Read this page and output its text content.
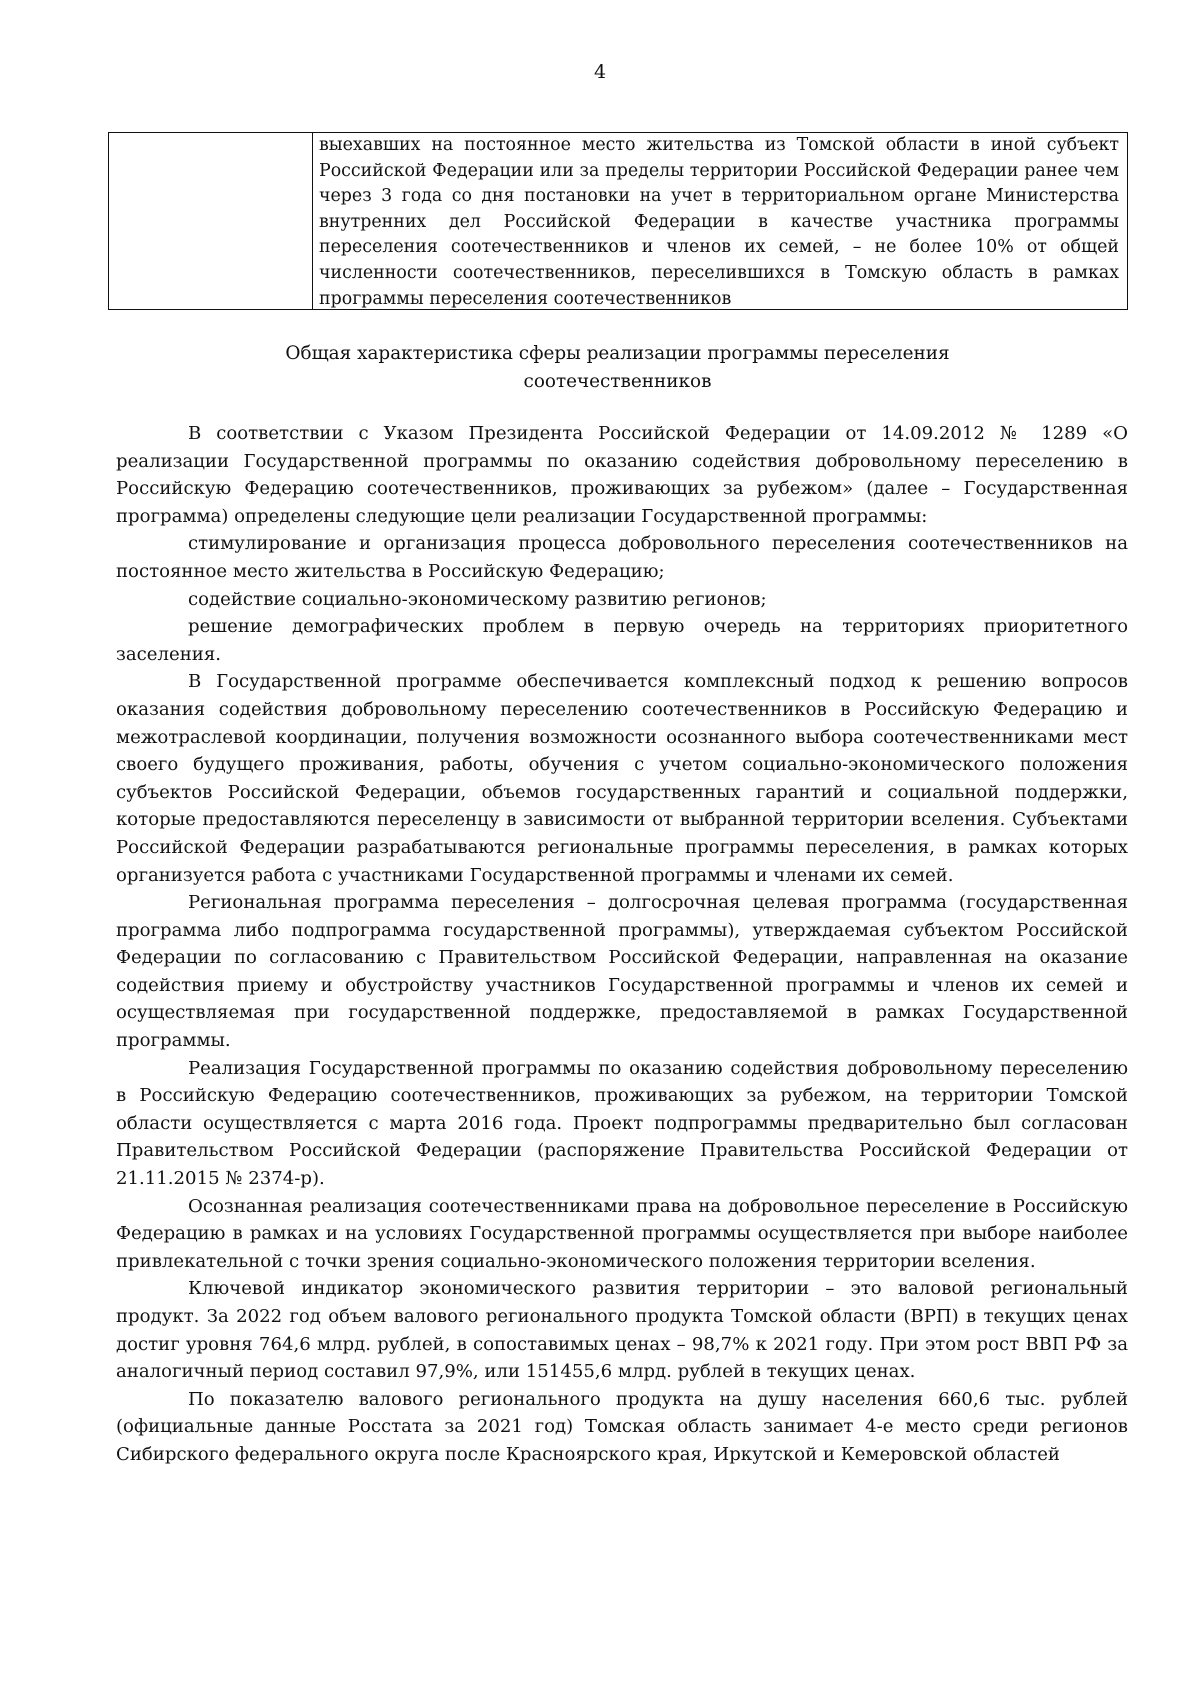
4
выехавших на постоянное место жительства из Томской области в иной субъект Российской Федерации или за пределы территории Российской Федерации ранее чем через 3 года со дня постановки на учет в территориальном органе Министерства внутренних дел Российской Федерации в качестве участника программы переселения соотечественников и членов их семей, – не более 10% от общей численности соотечественников, переселившихся в Томскую область в рамках программы переселения соотечественников
Общая характеристика сферы реализации программы переселения
соотечественников

В соответствии с Указом Президента Российской Федерации от 14.09.2012 № 1289 «О реализации Государственной программы по оказанию содействия добровольному переселению в Российскую Федерацию соотечественников, проживающих за рубежом» (далее – Государственная программа) определены следующие цели реализации Государственной программы:

стимулирование и организация процесса добровольного переселения соотечественников на постоянное место жительства в Российскую Федерацию;

содействие социально-экономическому развитию регионов;

решение демографических проблем в первую очередь на территориях приоритетного заселения.

В Государственной программе обеспечивается комплексный подход к решению вопросов оказания содействия добровольному переселению соотечественников в Российскую Федерацию и межотраслевой координации, получения возможности осознанного выбора соотечественниками мест своего будущего проживания, работы, обучения с учетом социально-экономического положения субъектов Российской Федерации, объемов государственных гарантий и социальной поддержки, которые предоставляются переселенцу в зависимости от выбранной территории вселения. Субъектами Российской Федерации разрабатываются региональные программы переселения, в рамках которых организуется работа с участниками Государственной программы и членами их семей.

Региональная программа переселения – долгосрочная целевая программа (государственная программа либо подпрограмма государственной программы), утверждаемая субъектом Российской Федерации по согласованию с Правительством Российской Федерации, направленная на оказание содействия приему и обустройству участников Государственной программы и членов их семей и осуществляемая при государственной поддержке, предоставляемой в рамках Государственной программы.

Реализация Государственной программы по оказанию содействия добровольному переселению в Российскую Федерацию соотечественников, проживающих за рубежом, на территории Томской области осуществляется с марта 2016 года. Проект подпрограммы предварительно был согласован Правительством Российской Федерации (распоряжение Правительства Российской Федерации от 21.11.2015 № 2374-р).

Осознанная реализация соотечественниками права на добровольное переселение в Российскую Федерацию в рамках и на условиях Государственной программы осуществляется при выборе наиболее привлекательной с точки зрения социально-экономического положения территории вселения.

Ключевой индикатор экономического развития территории – это валовой региональный продукт. За 2022 год объем валового регионального продукта Томской области (ВРП) в текущих ценах достиг уровня 764,6 млрд. рублей, в сопоставимых ценах – 98,7% к 2021 году. При этом рост ВВП РФ за аналогичный период составил 97,9%, или 151455,6 млрд. рублей в текущих ценах.

По показателю валового регионального продукта на душу населения 660,6 тыс. рублей (официальные данные Росстата за 2021 год) Томская область занимает 4-е место среди регионов Сибирского федерального округа после Красноярского края, Иркутской и Кемеровской областей
